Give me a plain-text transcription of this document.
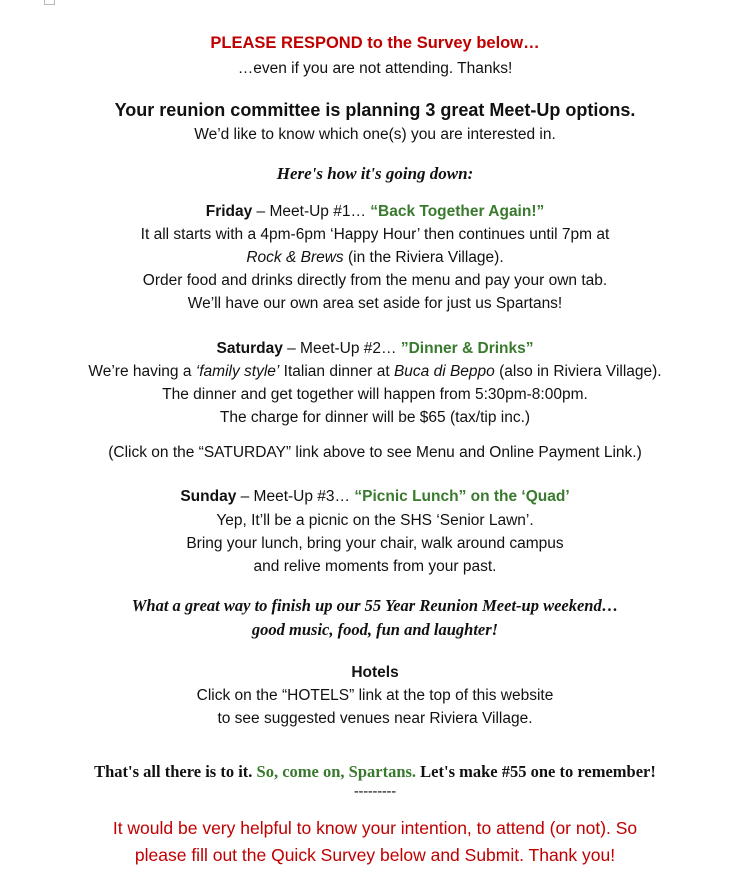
PLEASE RESPOND to the Survey below…
…even if you are not attending. Thanks!
Your reunion committee is planning 3 great Meet-Up options.
We’d like to know which one(s) you are interested in.
Here's how it's going down:
Friday – Meet-Up #1… “Back Together Again!”
It all starts with a 4pm-6pm ‘Happy Hour’ then continues until 7pm at
Rock & Brews (in the Riviera Village).
Order food and drinks directly from the menu and pay your own tab.
We’ll have our own area set aside for just us Spartans!
Saturday – Meet-Up #2… ”Dinner & Drinks”
We’re having a ‘family style’ Italian dinner at Buca di Beppo (also in Riviera Village).
The dinner and get together will happen from 5:30pm-8:00pm.
The charge for dinner will be $65 (tax/tip inc.)
(Click on the “SATURDAY” link above to see Menu and Online Payment Link.)
Sunday – Meet-Up #3… “Picnic Lunch” on the ‘Quad’
Yep, It’ll be a picnic on the SHS ‘Senior Lawn’.
Bring your lunch, bring your chair, walk around campus
and relive moments from your past.
What a great way to finish up our 55 Year Reunion Meet-up weekend…
good music, food, fun and laughter!
Hotels
Click on the “HOTELS” link at the top of this website
to see suggested venues near Riviera Village.
That's all there is to it. So, come on, Spartans. Let's make #55 one to remember!
---------
It would be very helpful to know your intention, to attend (or not). So
please fill out the Quick Survey below and Submit. Thank you!
